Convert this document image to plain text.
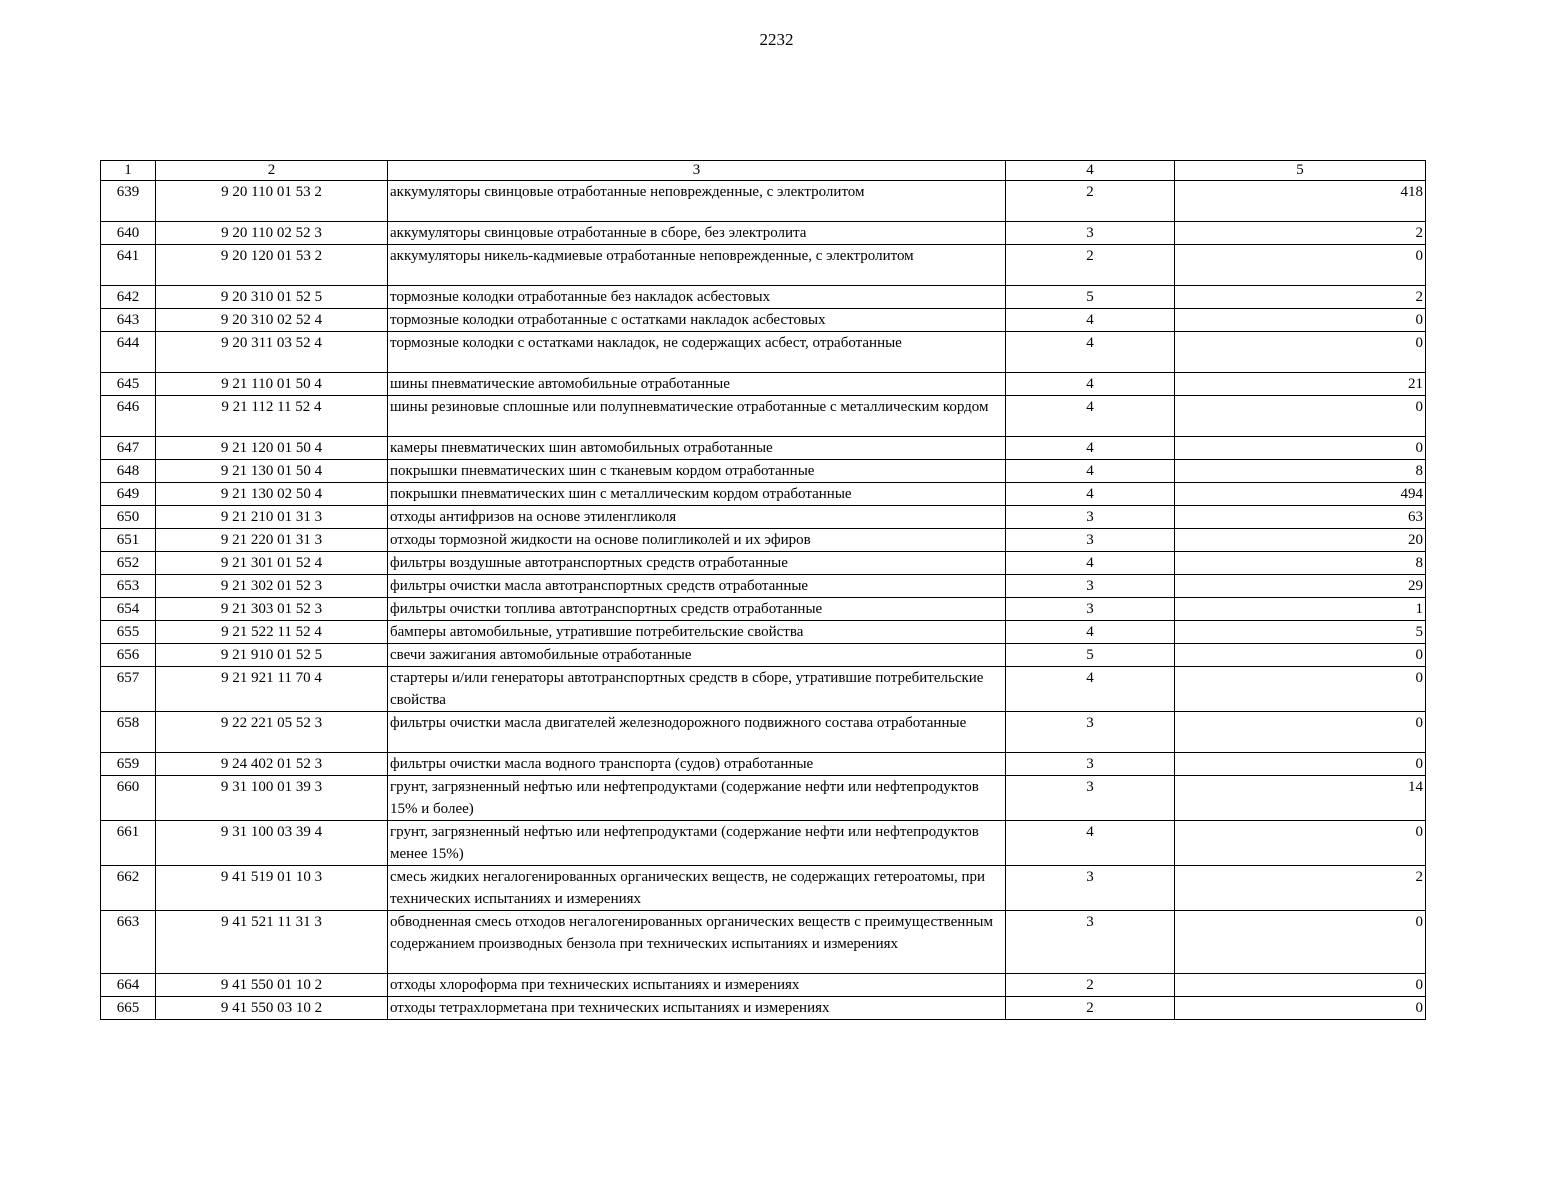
2232
1	2	3	4	5
639	9 20 110 01 53 2	аккумуляторы свинцовые отработанные неповрежденные, с электролитом	2	418
640	9 20 110 02 52 3	аккумуляторы свинцовые отработанные в сборе, без электролита	3	2
641	9 20 120 01 53 2	аккумуляторы никель-кадмиевые отработанные неповрежденные, с электролитом	2	0
642	9 20 310 01 52 5	тормозные колодки отработанные без накладок асбестовых	5	2
643	9 20 310 02 52 4	тормозные колодки отработанные с остатками накладок асбестовых	4	0
644	9 20 311 03 52 4	тормозные колодки с остатками накладок, не содержащих асбест, отработанные	4	0
645	9 21 110 01 50 4	шины пневматические автомобильные отработанные	4	21
646	9 21 112 11 52 4	шины резиновые сплошные или полупневматические отработанные с металлическим кордом	4	0
647	9 21 120 01 50 4	камеры пневматических шин автомобильных отработанные	4	0
648	9 21 130 01 50 4	покрышки пневматических шин с тканевым кордом отработанные	4	8
649	9 21 130 02 50 4	покрышки пневматических шин с металлическим кордом отработанные	4	494
650	9 21 210 01 31 3	отходы антифризов на основе этиленгликоля	3	63
651	9 21 220 01 31 3	отходы тормозной жидкости на основе полигликолей и их эфиров	3	20
652	9 21 301 01 52 4	фильтры воздушные автотранспортных средств отработанные	4	8
653	9 21 302 01 52 3	фильтры очистки масла автотранспортных средств отработанные	3	29
654	9 21 303 01 52 3	фильтры очистки топлива автотранспортных средств отработанные	3	1
655	9 21 522 11 52 4	бамперы автомобильные, утратившие потребительские свойства	4	5
656	9 21 910 01 52 5	свечи зажигания автомобильные отработанные	5	0
657	9 21 921 11 70 4	стартеры и/или генераторы автотранспортных средств в сборе, утратившие потребительские свойства	4	0
658	9 22 221 05 52 3	фильтры очистки масла двигателей железнодорожного подвижного состава отработанные	3	0
659	9 24 402 01 52 3	фильтры очистки масла водного транспорта (судов) отработанные	3	0
660	9 31 100 01 39 3	грунт, загрязненный нефтью или нефтепродуктами (содержание нефти или нефтепродуктов 15% и более)	3	14
661	9 31 100 03 39 4	грунт, загрязненный нефтью или нефтепродуктами (содержание нефти или нефтепродуктов менее 15%)	4	0
662	9 41 519 01 10 3	смесь жидких негалогенированных органических веществ, не содержащих гетероатомы, при технических испытаниях и измерениях	3	2
663	9 41 521 11 31 3	обводненная смесь отходов негалогенированных органических веществ с преимущественным содержанием производных бензола при технических испытаниях и измерениях	3	0
664	9 41 550 01 10 2	отходы хлороформа при технических испытаниях и измерениях	2	0
665	9 41 550 03 10 2	отходы тетрахлорметана при технических испытаниях и измерениях	2	0
